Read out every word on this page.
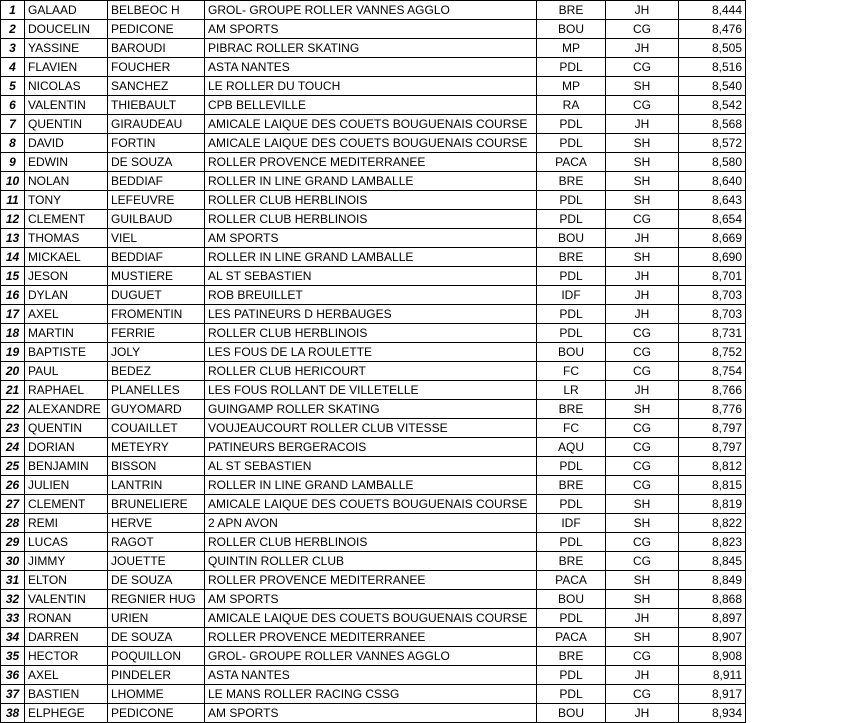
1	GALAAD	BELBEOC H	GROL- GROUPE ROLLER VANNES AGGLO	BRE	JH	8,444
2	DOUCELIN	PEDICONE	AM SPORTS	BOU	CG	8,476
3	YASSINE	BAROUDI	PIBRAC ROLLER SKATING	MP	JH	8,505
4	FLAVIEN	FOUCHER	ASTA NANTES	PDL	CG	8,516
5	NICOLAS	SANCHEZ	LE ROLLER DU TOUCH	MP	SH	8,540
6	VALENTIN	THIEBAULT	CPB BELLEVILLE	RA	CG	8,542
7	QUENTIN	GIRAUDEAU	AMICALE LAIQUE DES COUETS BOUGUENAIS COURSE	PDL	JH	8,568
8	DAVID	FORTIN	AMICALE LAIQUE DES COUETS BOUGUENAIS COURSE	PDL	SH	8,572
9	EDWIN	DE SOUZA	ROLLER PROVENCE MEDITERRANEE	PACA	SH	8,580
10	NOLAN	BEDDIAF	ROLLER IN LINE GRAND LAMBALLE	BRE	SH	8,640
11	TONY	LEFEUVRE	ROLLER CLUB HERBLINOIS	PDL	SH	8,643
12	CLEMENT	GUILBAUD	ROLLER CLUB HERBLINOIS	PDL	CG	8,654
13	THOMAS	VIEL	AM SPORTS	BOU	JH	8,669
14	MICKAEL	BEDDIAF	ROLLER IN LINE GRAND LAMBALLE	BRE	SH	8,690
15	JESON	MUSTIERE	AL ST SEBASTIEN	PDL	JH	8,701
16	DYLAN	DUGUET	ROB BREUILLET	IDF	JH	8,703
17	AXEL	FROMENTIN	LES PATINEURS D HERBAUGES	PDL	JH	8,703
18	MARTIN	FERRIE	ROLLER CLUB HERBLINOIS	PDL	CG	8,731
19	BAPTISTE	JOLY	LES FOUS DE LA ROULETTE	BOU	CG	8,752
20	PAUL	BEDEZ	ROLLER CLUB HERICOURT	FC	CG	8,754
21	RAPHAEL	PLANELLES	LES FOUS ROLLANT DE VILLETELLE	LR	JH	8,766
22	ALEXANDRE	GUYOMARD	GUINGAMP ROLLER SKATING	BRE	SH	8,776
23	QUENTIN	COUAILLET	VOUJEAUCOURT ROLLER CLUB VITESSE	FC	CG	8,797
24	DORIAN	METEYRY	PATINEURS BERGERACOIS	AQU	CG	8,797
25	BENJAMIN	BISSON	AL ST SEBASTIEN	PDL	CG	8,812
26	JULIEN	LANTRIN	ROLLER IN LINE GRAND LAMBALLE	BRE	CG	8,815
27	CLEMENT	BRUNELIERE	AMICALE LAIQUE DES COUETS BOUGUENAIS COURSE	PDL	SH	8,819
28	REMI	HERVE	2 APN AVON	IDF	SH	8,822
29	LUCAS	RAGOT	ROLLER CLUB HERBLINOIS	PDL	CG	8,823
30	JIMMY	JOUETTE	QUINTIN ROLLER CLUB	BRE	CG	8,845
31	ELTON	DE SOUZA	ROLLER PROVENCE MEDITERRANEE	PACA	SH	8,849
32	VALENTIN	REGNIER HUG	AM SPORTS	BOU	SH	8,868
33	RONAN	URIEN	AMICALE LAIQUE DES COUETS BOUGUENAIS COURSE	PDL	JH	8,897
34	DARREN	DE SOUZA	ROLLER PROVENCE MEDITERRANEE	PACA	SH	8,907
35	HECTOR	POQUILLON	GROL- GROUPE ROLLER VANNES AGGLO	BRE	CG	8,908
36	AXEL	PINDELER	ASTA NANTES	PDL	JH	8,911
37	BASTIEN	LHOMME	LE MANS ROLLER RACING CSSG	PDL	CG	8,917
38	ELPHEGE	PEDICONE	AM SPORTS	BOU	JH	8,934
